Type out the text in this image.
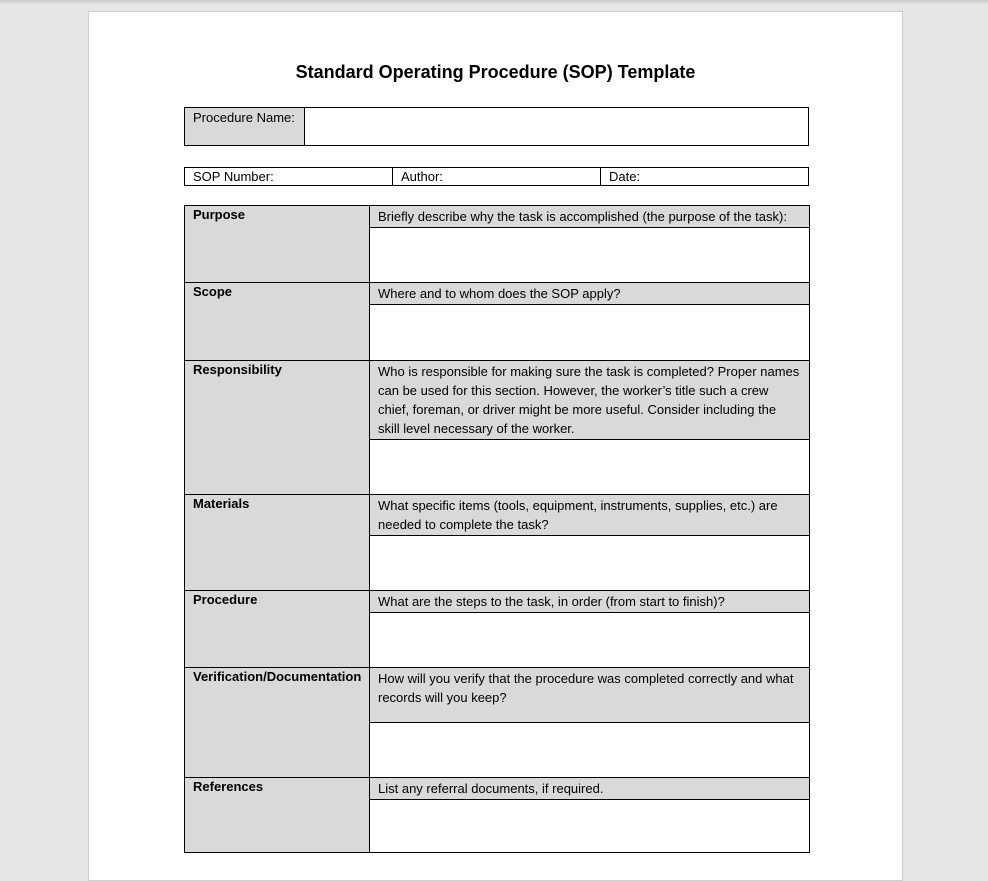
Standard Operating Procedure (SOP) Template
Procedure Name:
SOP Number:	Author:	Date:
Purpose	Briefly describe why the task is accomplished (the purpose of the task):

Scope	Where and to whom does the SOP apply?

Responsibility	Who is responsible for making sure the task is completed? Proper names can be used for this section. However, the worker’s title such a crew chief, foreman, or driver might be more useful. Consider including the skill level necessary of the worker.

Materials	What specific items (tools, equipment, instruments, supplies, etc.) are needed to complete the task?

Procedure	What are the steps to the task, in order (from start to finish)?

Verification/Documentation	How will you verify that the procedure was completed correctly and what records will you keep?

References	List any referral documents, if required.
